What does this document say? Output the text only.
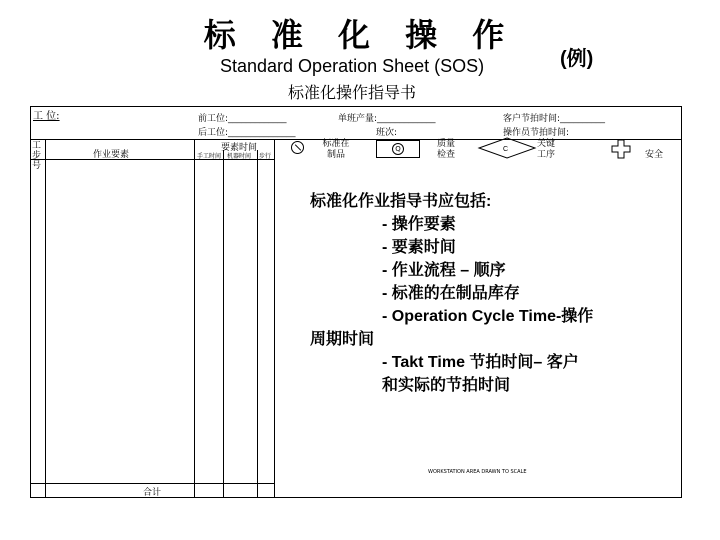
标 准 化 操 作
Standard Operation Sheet (SOS)	(例)
标准化操作指导书
工 位:	前工位:_____________	单班产量:_____________	客户节拍时间:__________
后工位:_______________	班次:	操作员节拍时间:
工步号
作业要素
要素时间
手工时间 机器时间 步行
标准在制品
Q	质量检查
C
关键工序	安全
合计
WORKSTATION AREA DRAWN TO SCALE
标准化作业指导书应包括:
- 操作要素
- 要素时间
- 作业流程 – 顺序
- 标准的在制品库存
- Operation Cycle Time-操作
周期时间
- Takt Time 节拍时间– 客户
和实际的节拍时间
